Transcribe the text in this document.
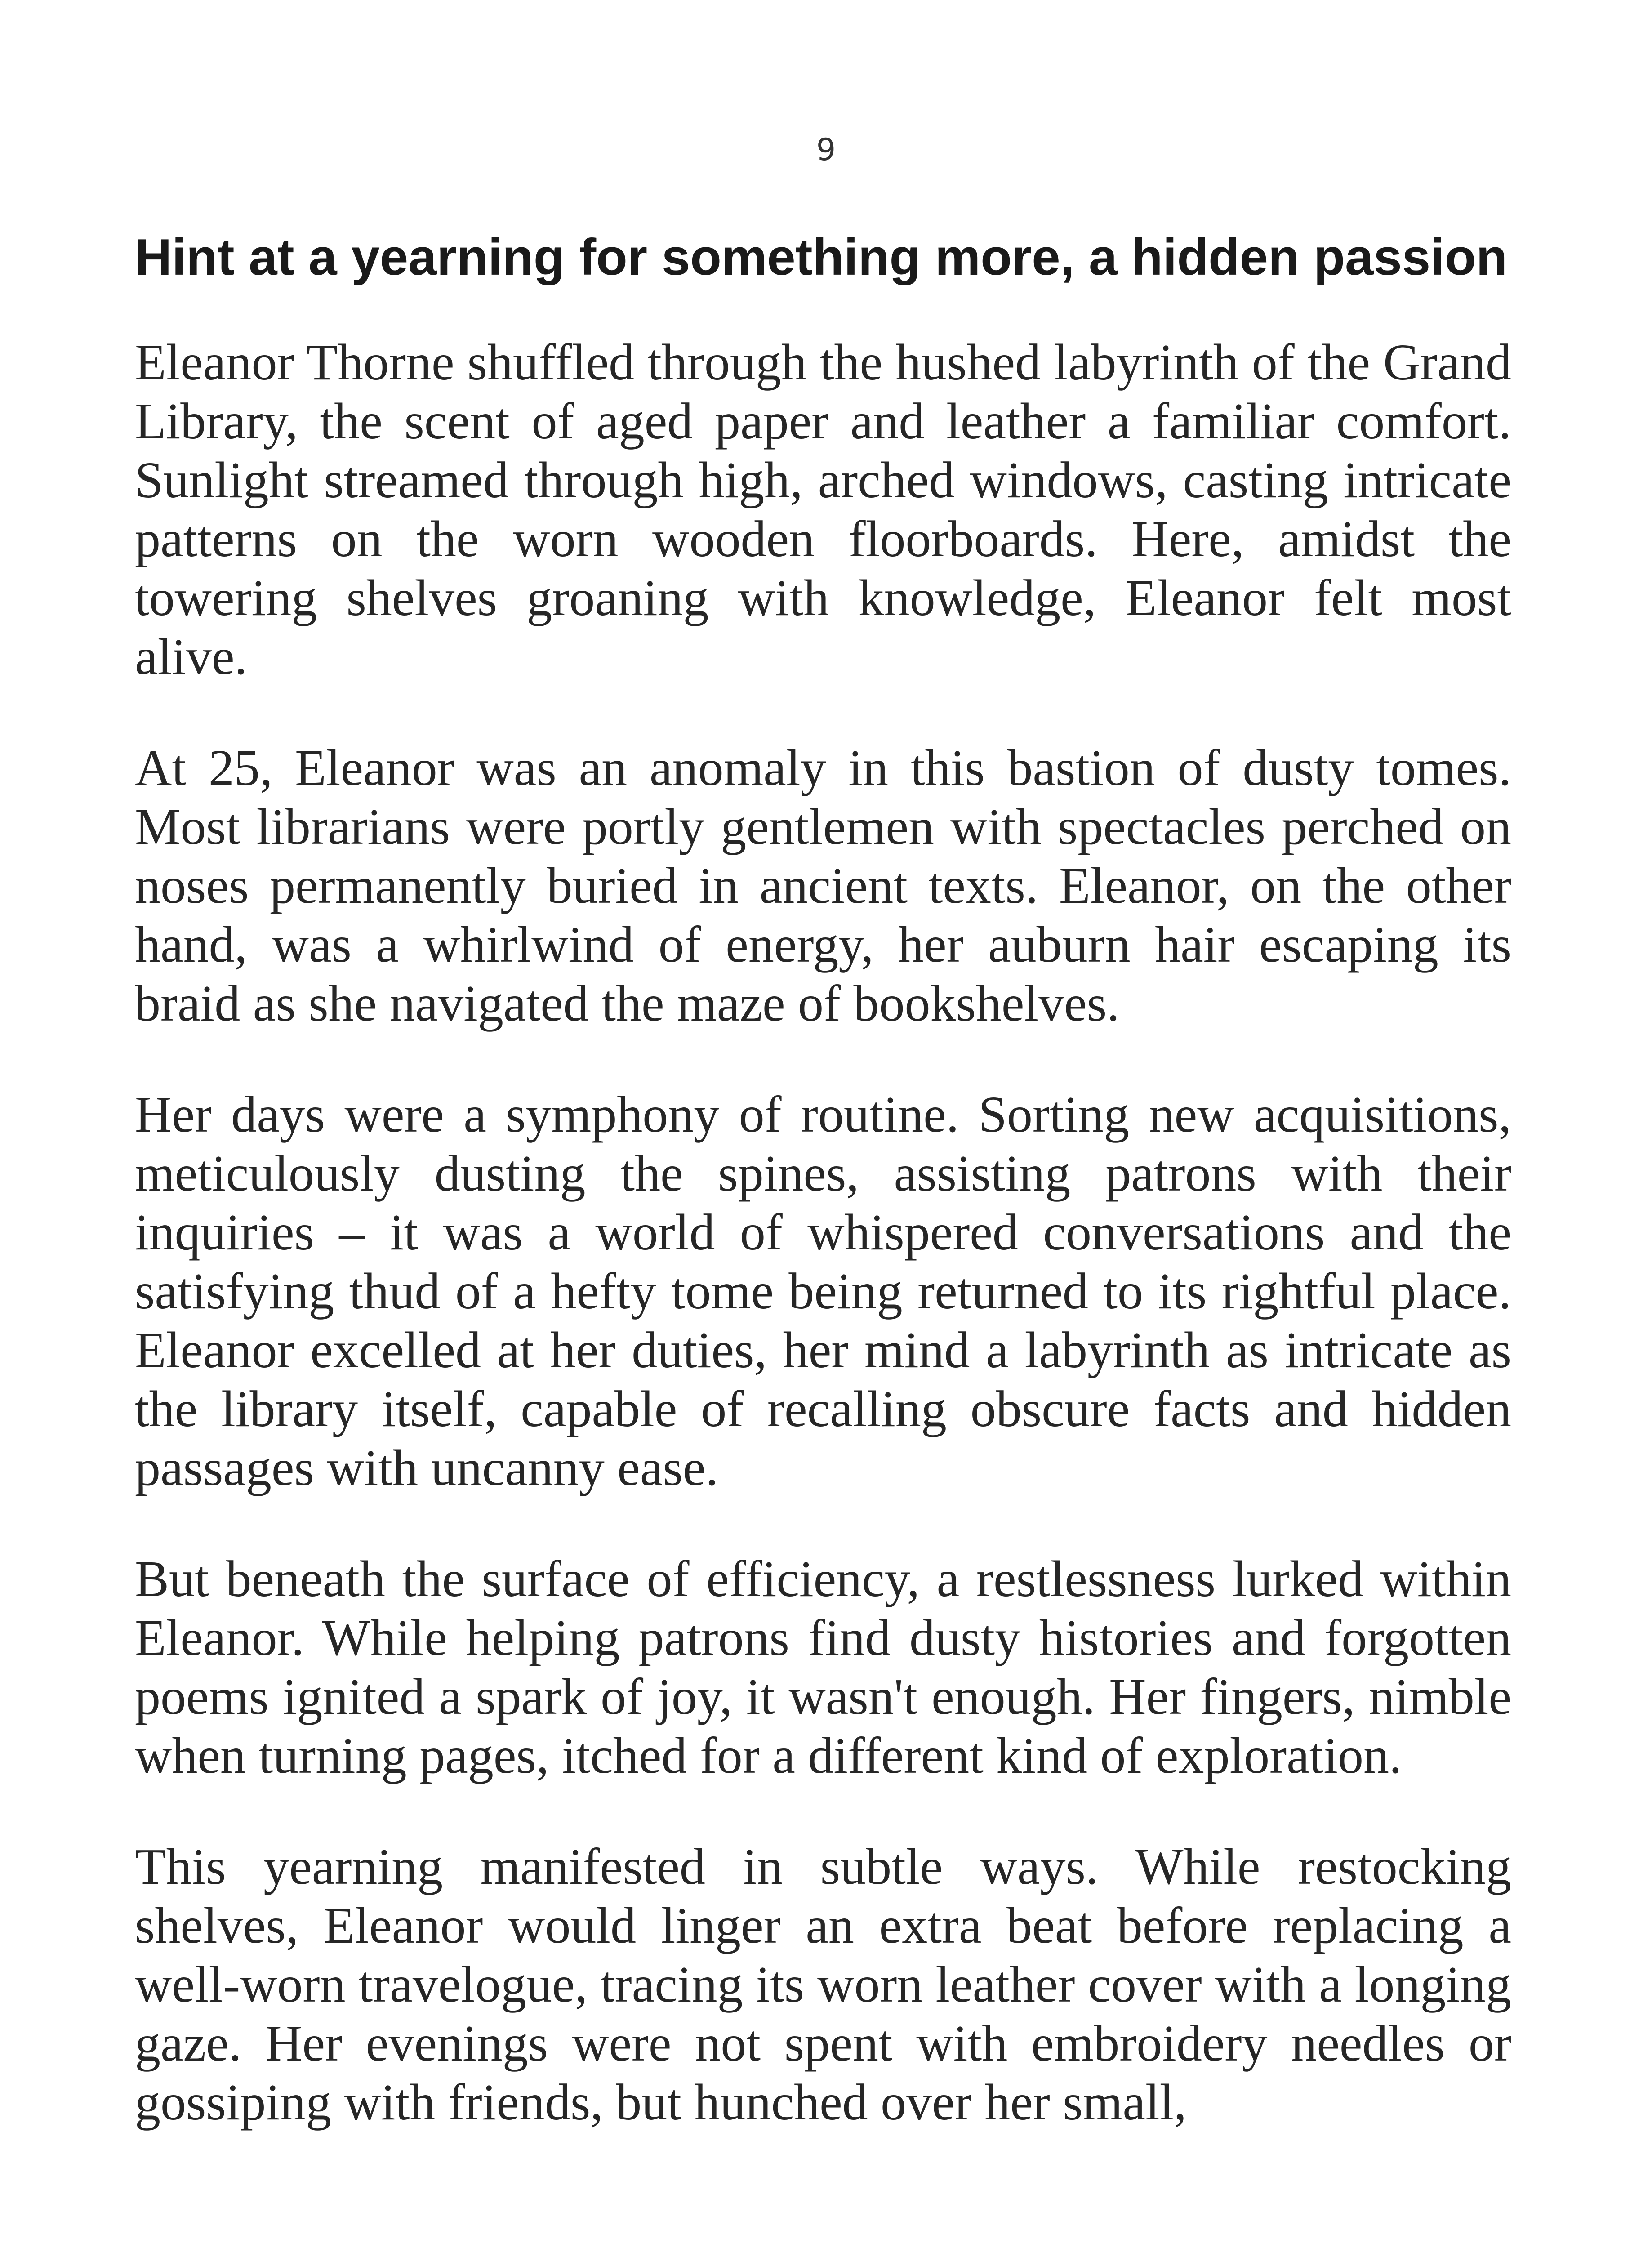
9
Hint at a yearning for something more, a hidden passion

Eleanor Thorne shuffled through the hushed labyrinth of the Grand Library, the scent of aged paper and leather a familiar comfort. Sunlight streamed through high, arched windows, casting intricate patterns on the worn wooden floorboards. Here, amidst the towering shelves groaning with knowledge, Eleanor felt most alive.

At 25, Eleanor was an anomaly in this bastion of dusty tomes. Most librarians were portly gentlemen with spectacles perched on noses permanently buried in ancient texts. Eleanor, on the other hand, was a whirlwind of energy, her auburn hair escaping its braid as she navigated the maze of bookshelves.

Her days were a symphony of routine. Sorting new acquisitions, meticulously dusting the spines, assisting patrons with their inquiries – it was a world of whispered conversations and the satisfying thud of a hefty tome being returned to its rightful place. Eleanor excelled at her duties, her mind a labyrinth as intricate as the library itself, capable of recalling obscure facts and hidden passages with uncanny ease.

But beneath the surface of efficiency, a restlessness lurked within Eleanor. While helping patrons find dusty histories and forgotten poems ignited a spark of joy, it wasn't enough. Her fingers, nimble when turning pages, itched for a different kind of exploration.

This yearning manifested in subtle ways. While restocking shelves, Eleanor would linger an extra beat before replacing a well-worn travelogue, tracing its worn leather cover with a longing gaze. Her evenings were not spent with embroidery needles or gossiping with friends, but hunched over her small,
